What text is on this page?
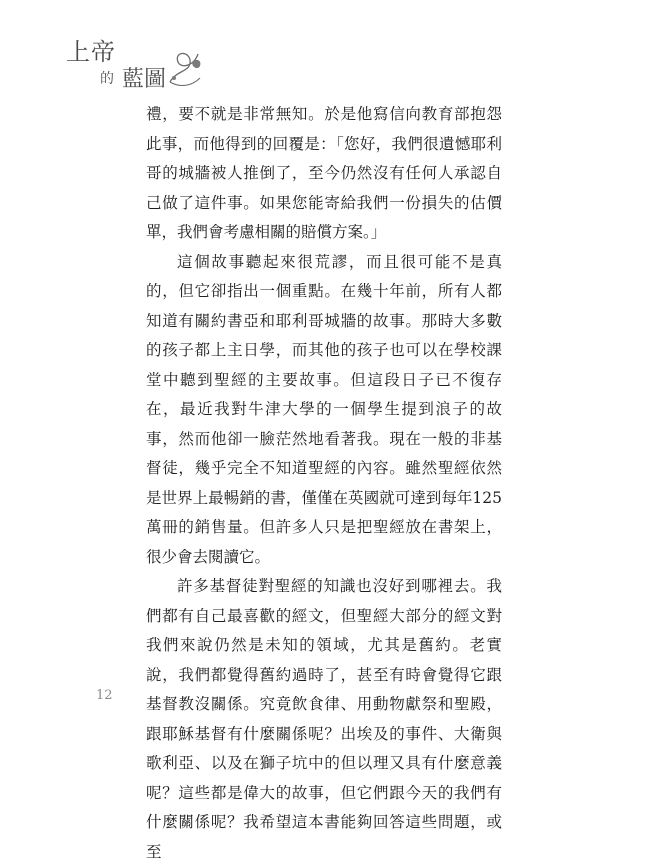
上帝
的 藍圖

禮，要不就是非常無知。於是他寫信向教育部抱怨此事，而他得到的回覆是：「您好，我們很遺憾耶利哥的城牆被人推倒了，至今仍然沒有任何人承認自己做了這件事。如果您能寄給我們一份損失的估價單，我們會考慮相關的賠償方案。」

這個故事聽起來很荒謬，而且很可能不是真的，但它卻指出一個重點。在幾十年前，所有人都知道有關約書亞和耶利哥城牆的故事。那時大多數的孩子都上主日學，而其他的孩子也可以在學校課堂中聽到聖經的主要故事。但這段日子已不復存在，最近我對牛津大學的一個學生提到浪子的故事，然而他卻一臉茫然地看著我。現在一般的非基督徒，幾乎完全不知道聖經的內容。雖然聖經依然是世界上最暢銷的書，僅僅在英國就可達到每年125萬冊的銷售量。但許多人只是把聖經放在書架上，很少會去閱讀它。

許多基督徒對聖經的知識也沒好到哪裡去。我們都有自己最喜歡的經文，但聖經大部分的經文對我們來說仍然是未知的領域，尤其是舊約。老實說，我們都覺得舊約過時了，甚至有時會覺得它跟基督教沒關係。究竟飲食律、用動物獻祭和聖殿，跟耶穌基督有什麼關係呢？出埃及的事件、大衛與歌利亞、以及在獅子坑中的但以理又具有什麼意義呢？這些都是偉大的故事，但它們跟今天的我們有什麼關係呢？我希望這本書能夠回答這些問題，或至

12
